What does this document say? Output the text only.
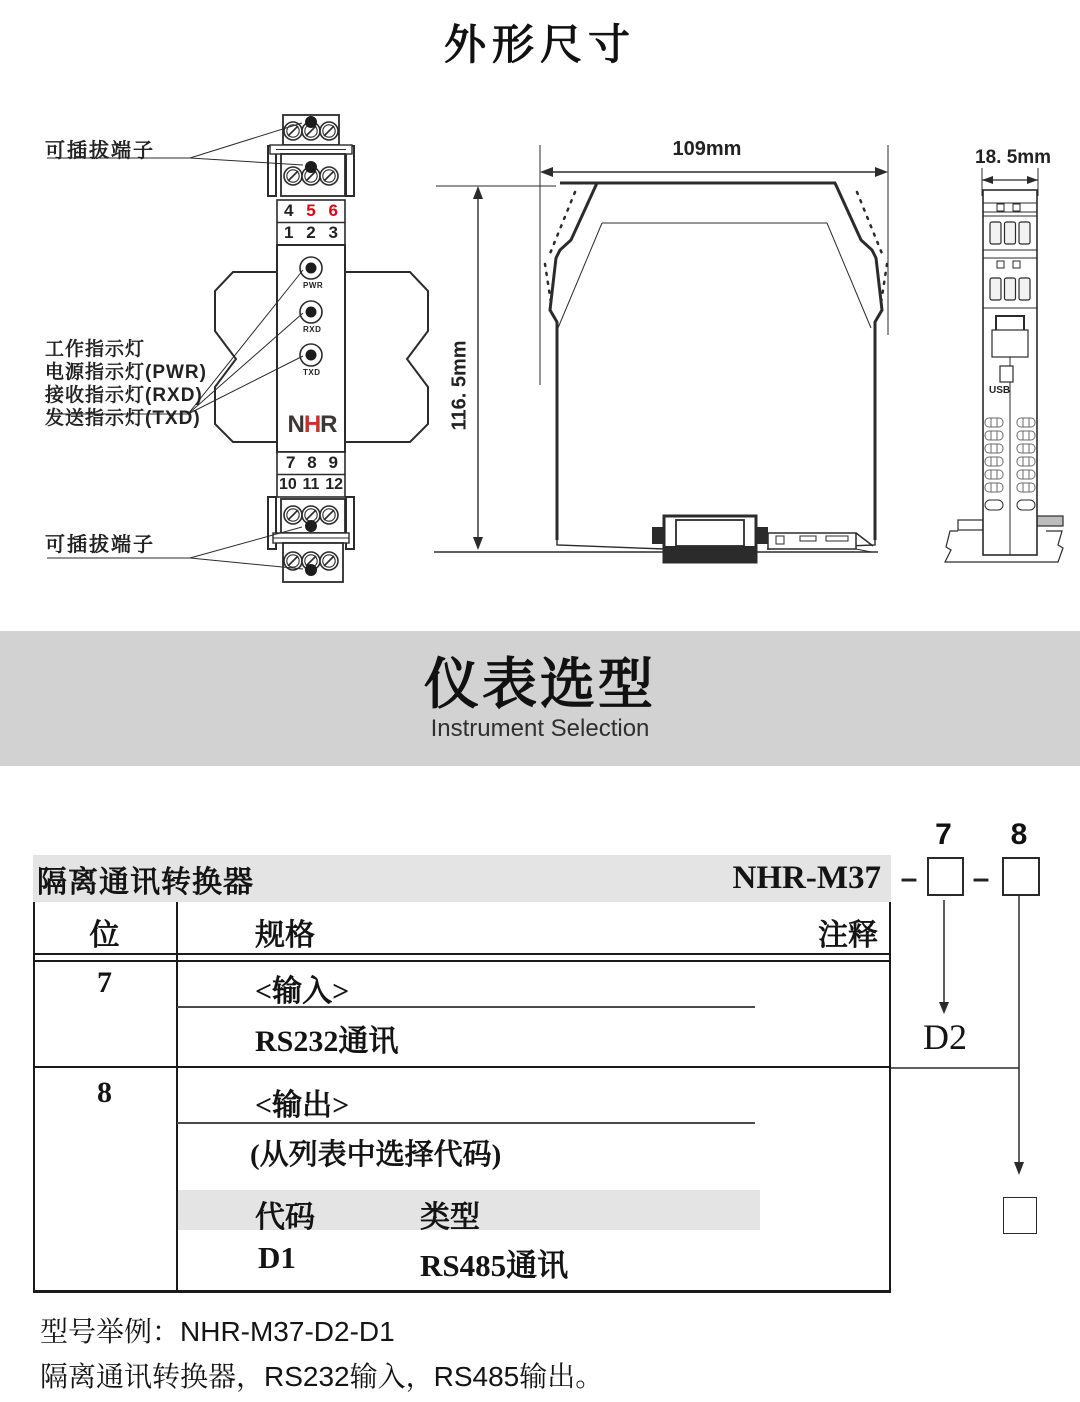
外形尺寸
可插拔端子
工作指示灯
电源指示灯(PWR)
接收指示灯(RXD)
发送指示灯(TXD)
可插拔端子
4 5 6
1 2 3
7 8 9
10 11 12
PWR
RXD
TXD
NHR
109mm
116. 5mm
18. 5mm
USB
仪表选型
Instrument Selection
隔离通讯转换器	NHR-M37 –	–
7 8
位	规格	注释
7	<输入>
RS232通讯	D2
8	<输出>
(从列表中选择代码)
代码	类型
D1	RS485通讯
型号举例：NHR-M37-D2-D1
隔离通讯转换器，RS232输入，RS485输出。
